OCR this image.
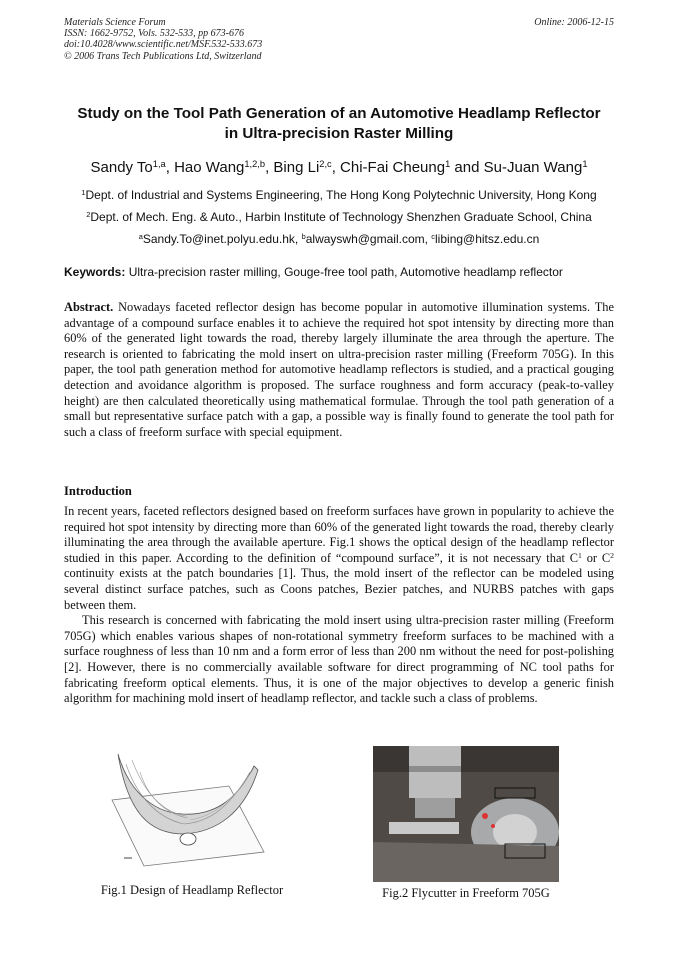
Materials Science Forum
ISSN: 1662-9752, Vols. 532-533, pp 673-676
doi:10.4028/www.scientific.net/MSF.532-533.673
© 2006 Trans Tech Publications Ltd, Switzerland
Online: 2006-12-15
Study on the Tool Path Generation of an Automotive Headlamp Reflector
in Ultra-precision Raster Milling
Sandy To$^{1,a}$, Hao Wang$^{1,2,b}$, Bing Li$^{2,c}$, Chi-Fai Cheung$^1$ and Su-Juan Wang$^1$
$^1$Dept. of Industrial and Systems Engineering, The Hong Kong Polytechnic University, Hong Kong
$^2$Dept. of Mech. Eng. & Auto., Harbin Institute of Technology Shenzhen Graduate School, China
$^a$Sandy.To@inet.polyu.edu.hk, $^b$alwayswh@gmail.com, $^c$libing@hitsz.edu.cn
Keywords: Ultra-precision raster milling, Gouge-free tool path, Automotive headlamp reflector
Abstract. Nowadays faceted reflector design has become popular in automotive illumination systems. The advantage of a compound surface enables it to achieve the required hot spot intensity by directing more than 60% of the generated light towards the road, thereby largely illuminate the area through the aperture. The research is oriented to fabricating the mold insert on ultra-precision raster milling (Freeform 705G). In this paper, the tool path generation method for automotive headlamp reflectors is studied, and a practical gouging detection and avoidance algorithm is proposed. The surface roughness and form accuracy (peak-to-valley height) are then calculated theoretically using mathematical formulae. Through the tool path generation of a small but representative surface patch with a gap, a possible way is finally found to generate the tool path for such a class of freeform surface with special equipment.
Introduction
In recent years, faceted reflectors designed based on freeform surfaces have grown in popularity to achieve the required hot spot intensity by directing more than 60% of the generated light towards the road, thereby clearly illuminating the area through the available aperture. Fig.1 shows the optical design of the headlamp reflector studied in this paper. According to the definition of “compound surface”, it is not necessary that $C^1$ or $C^2$ continuity exists at the patch boundaries [1]. Thus, the mold insert of the reflector can be modeled using several distinct surface patches, such as Coons patches, Bezier patches, and NURBS patches with gaps between them.
This research is concerned with fabricating the mold insert using ultra-precision raster milling (Freeform 705G) which enables various shapes of non-rotational symmetry freeform surfaces to be machined with a surface roughness of less than 10 nm and a form error of less than 200 nm without the need for post-polishing [2]. However, there is no commercially available software for direct programming of NC tool paths for fabricating freeform optical elements. Thus, it is one of the major objectives to develop a generic finish algorithm for machining mold insert of headlamp reflector, and tackle such a class of problems.
Fig.1 Design of Headlamp Reflector	Fig.2 Flycutter in Freeform 705G
